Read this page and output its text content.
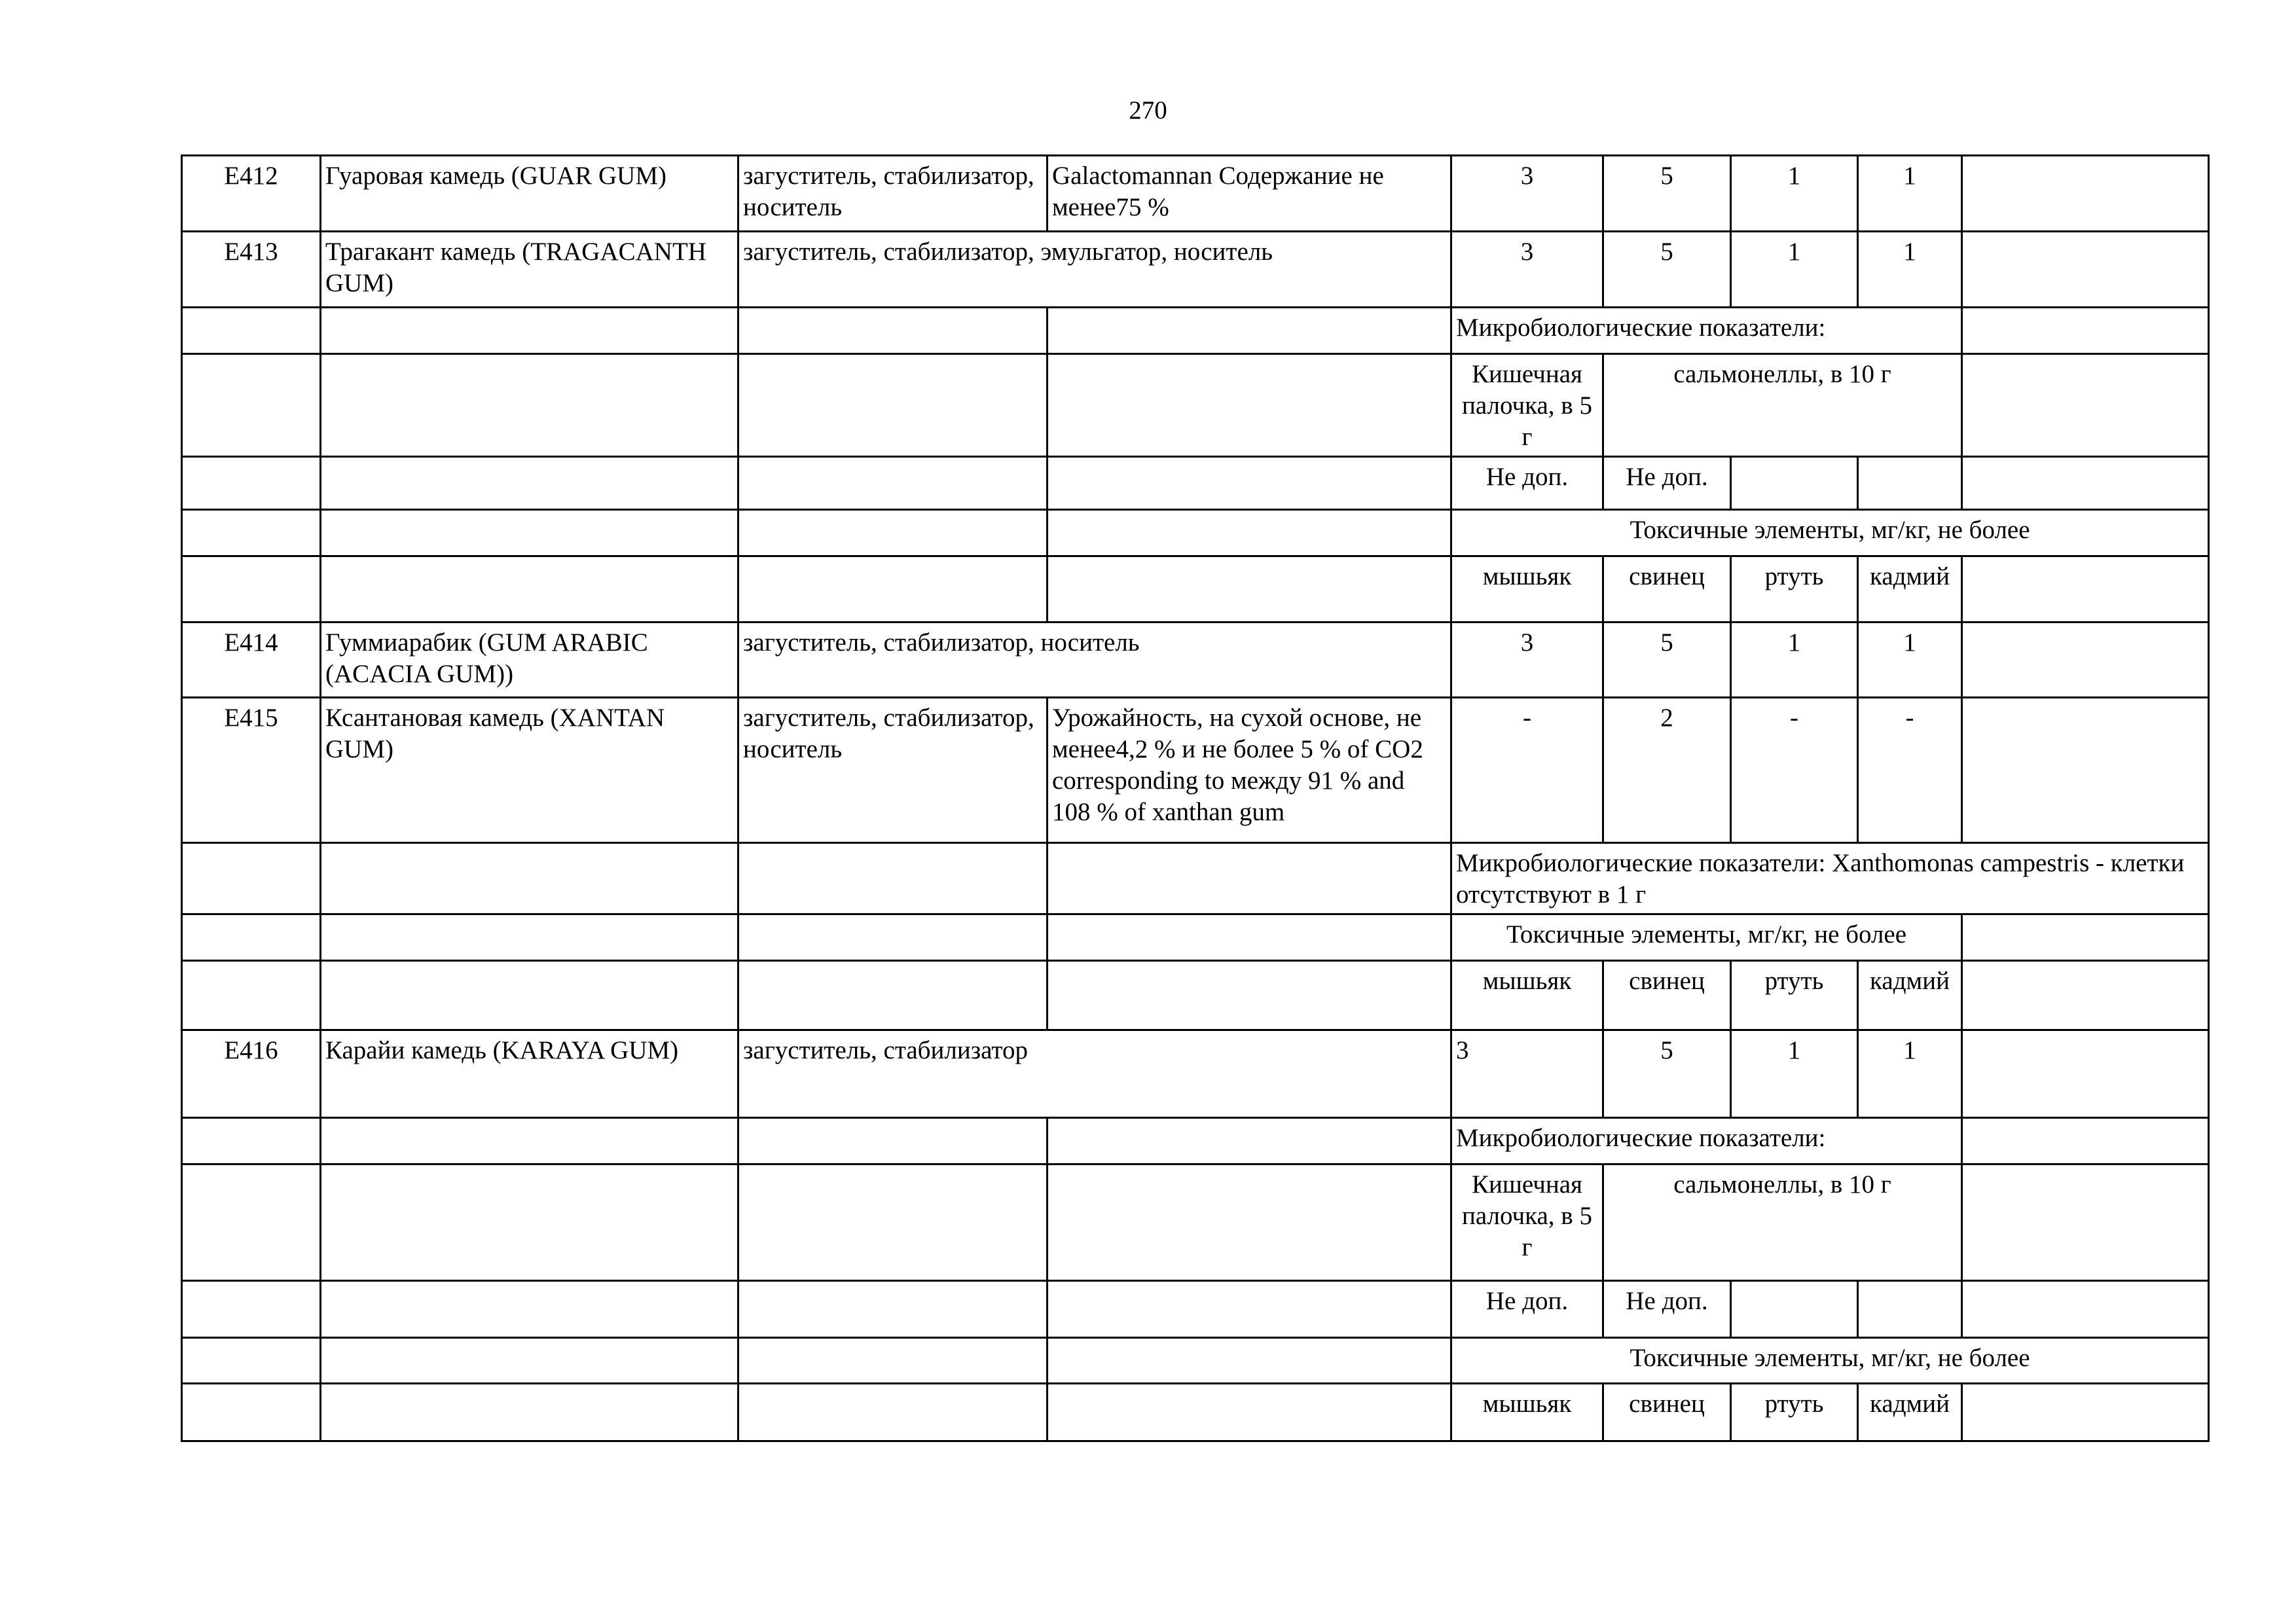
270
E412	Гуаровая камедь (GUAR GUM)	загуститель, стабилизатор, носитель	Galactomannan Содержание не менее75 %	3	5	1	1	
E413	Трагакант камедь (TRAGACANTH GUM)	загуститель, стабилизатор, эмульгатор, носитель		3	5	1	1	
				Микробиологические показатели:				
				Кишечная палочка, в 5 г	сальмонеллы, в 10 г			
				Не доп.	Не доп.			
				Токсичные элементы, мг/кг, не более				
				мышьяк	свинец	ртуть	кадмий	
E414	Гуммиарабик (GUM ARABIC (ACACIA GUM))	загуститель, стабилизатор, носитель		3	5	1	1	
E415	Ксантановая камедь (XANTAN GUM)	загуститель, стабилизатор, носитель	Урожайность, на сухой основе, не менее4,2 % и не более 5 % of CO2 corresponding to между 91 % and 108 % of xanthan gum	-	2	-	-	
				Микробиологические показатели: Xanthomonas campestris - клетки отсутствуют в 1 г				
				Токсичные элементы, мг/кг, не более				
				мышьяк	свинец	ртуть	кадмий	
E416	Карайи камедь (KARAYA GUM)	загуститель, стабилизатор		3	5	1	1	
				Микробиологические показатели:				
				Кишечная палочка, в 5 г	сальмонеллы, в 10 г			
				Не доп.	Не доп.			
				Токсичные элементы, мг/кг, не более				
				мышьяк	свинец	ртуть	кадмий	
